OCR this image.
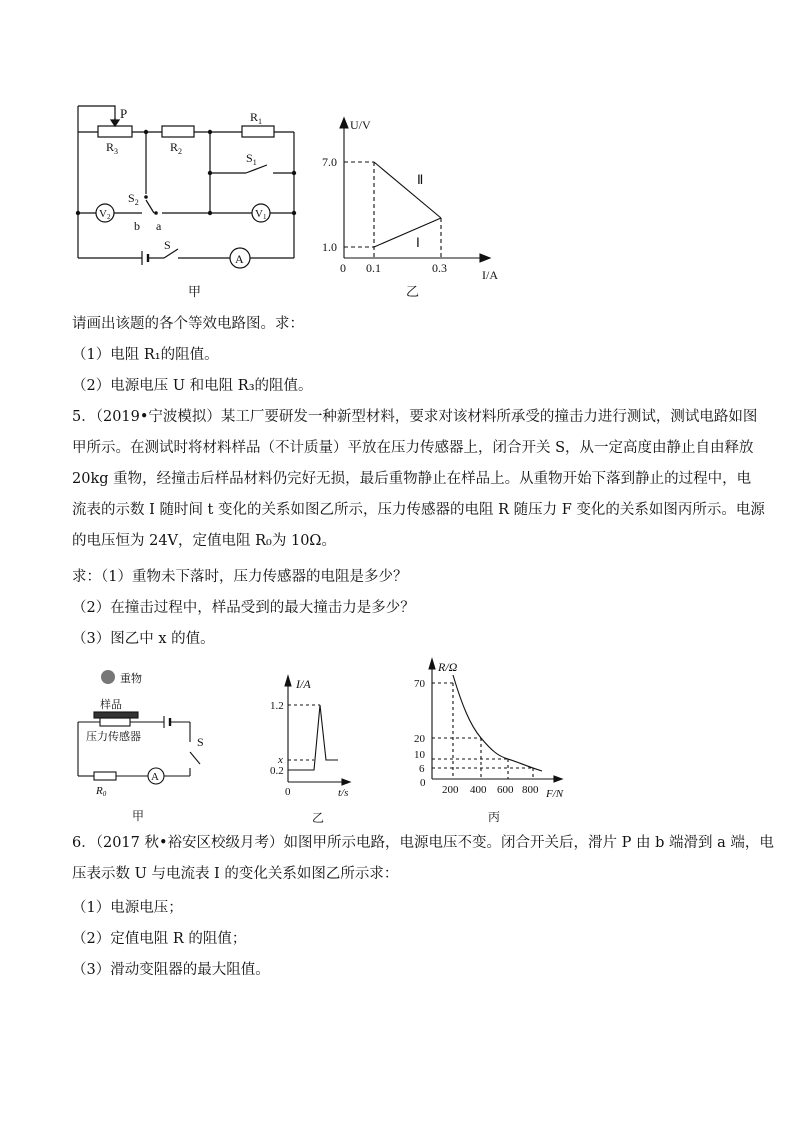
P
$R_3$	$R_2$
$R_1$
$S_1$
$S_2$
V2	V1
b a
S
A
甲
U/V
7.0
1.0
0 0.1	0.3	I/A
Ⅱ
Ⅰ
乙
请画出该题的各个等效电路图。求：
（1）电阻 R₁的阻值。
（2）电源电压 U 和电阻 R₃的阻值。
5．（2019•宁波模拟）某工厂要研发一种新型材料，要求对该材料所承受的撞击力进行测试，测试电路如图
甲所示。在测试时将材料样品（不计质量）平放在压力传感器上，闭合开关 S，从一定高度由静止自由释放
20kg 重物，经撞击后样品材料仍完好无损，最后重物静止在样品上。从重物开始下落到静止的过程中，电
流表的示数 I 随时间 t 变化的关系如图乙所示，压力传感器的电阻 R 随压力 F 变化的关系如图丙所示。电源
的电压恒为 24V，定值电阻 R₀为 10Ω。
求：（1）重物未下落时，压力传感器的电阻是多少？
（2）在撞击过程中，样品受到的最大撞击力是多少？
（3）图乙中 x 的值。
重物
样品
压力传感器	S
A
R0
甲
I/A
1.2
x
0.2
0	t/s
乙
R/Ω
70
20
10
6
0
200 400 600 800 F/N
丙
6．（2017 秋•裕安区校级月考）如图甲所示电路，电源电压不变。闭合开关后，滑片 P 由 b 端滑到 a 端，电
压表示数 U 与电流表 I 的变化关系如图乙所示求：
（1）电源电压；
（2）定值电阻 R 的阻值；
（3）滑动变阻器的最大阻值。
